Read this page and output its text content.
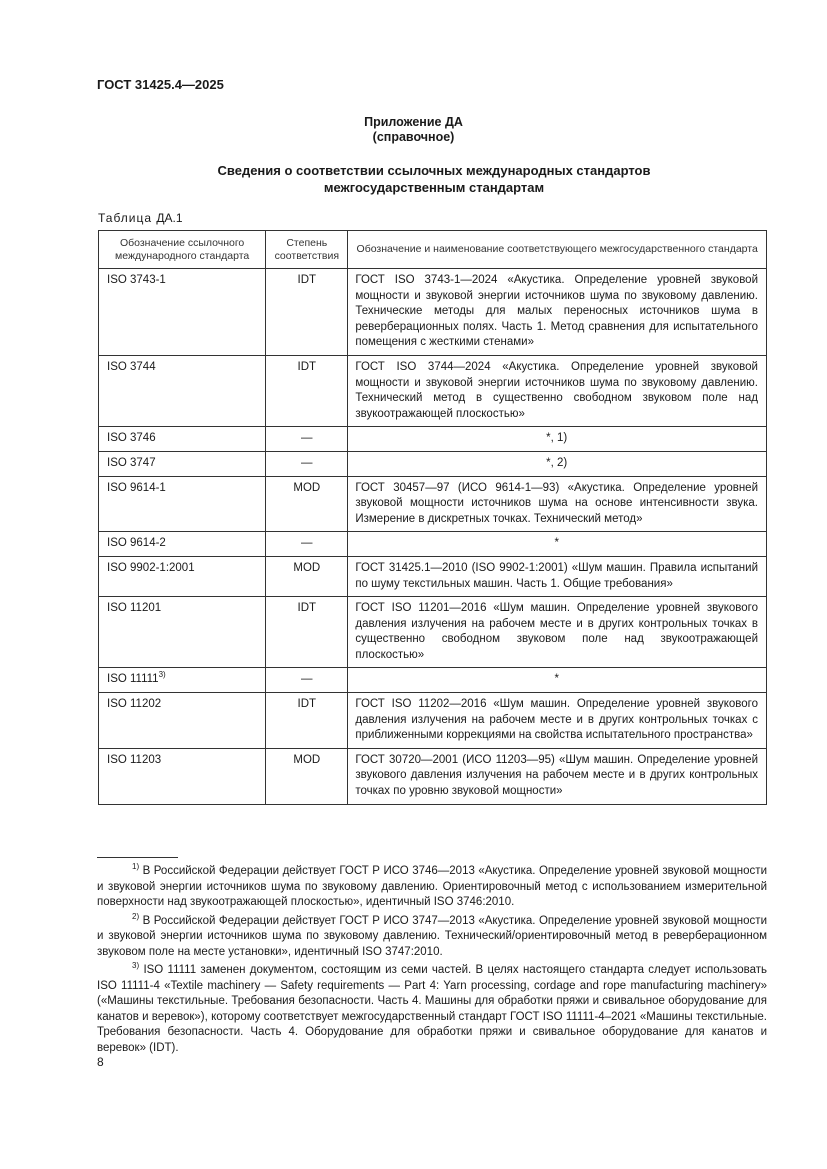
ГОСТ 31425.4—2025
Приложение ДА
(справочное)
Сведения о соответствии ссылочных международных стандартов
межгосударственным стандартам
Таблица ДА.1
Обозначение ссылочного международного стандарта	Степень соответствия	Обозначение и наименование соответствующего межгосударственного стандарта

ISO 3743-1	IDT	ГОСТ ISO 3743-1—2024 «Акустика. Определение уровней звуковой мощности и звуковой энергии источников шума по звуковому давлению. Технические методы для малых переносных источников шума в реверберационных полях. Часть 1. Метод сравнения для испытательного помещения с жесткими стенами»
ISO 3744	IDT	ГОСТ ISO 3744—2024 «Акустика. Определение уровней звуковой мощности и звуковой энергии источников шума по звуковому давлению. Технический метод в существенно свободном звуковом поле над звукоотражающей плоскостью»
ISO 3746	—	*, 1)
ISO 3747	—	*, 2)
ISO 9614-1	MOD	ГОСТ 30457—97 (ИСО 9614-1—93) «Акустика. Определение уровней звуковой мощности источников шума на основе интенсивности звука. Измерение в дискретных точках. Технический метод»
ISO 9614-2	—	*
ISO 9902-1:2001	MOD	ГОСТ 31425.1—2010 (ISO 9902-1:2001) «Шум машин. Правила испытаний по шуму текстильных машин. Часть 1. Общие требования»
ISO 11201	IDT	ГОСТ ISO 11201—2016 «Шум машин. Определение уровней звукового давления излучения на рабочем месте и в других контрольных точках в существенно свободном звуковом поле над звукоотражающей плоскостью»
ISO 11111$^{3)}$	—	*
ISO 11202	IDT	ГОСТ ISO 11202—2016 «Шум машин. Определение уровней звукового давления излучения на рабочем месте и в других контрольных точках с приближенными коррекциями на свойства испытательного пространства»
ISO 11203	MOD	ГОСТ 30720—2001 (ИСО 11203—95) «Шум машин. Определение уровней звукового давления излучения на рабочем месте и в других контрольных точках по уровню звуковой мощности»
$^{1)}$ В Российской Федерации действует ГОСТ Р ИСО 3746—2013 «Акустика. Определение уровней звуковой мощности и звуковой энергии источников шума по звуковому давлению. Ориентировочный метод с использованием измерительной поверхности над звукоотражающей плоскостью», идентичный ISO 3746:2010.
$^{2)}$ В Российской Федерации действует ГОСТ Р ИСО 3747—2013 «Акустика. Определение уровней звуковой мощности и звуковой энергии источников шума по звуковому давлению. Технический/ориентировочный метод в реверберационном звуковом поле на месте установки», идентичный ISO 3747:2010.
$^{3)}$ ISO 11111 заменен документом, состоящим из семи частей. В целях настоящего стандарта следует использовать ISO 11111-4 «Textile machinery — Safety requirements — Part 4: Yarn processing, cordage and rope manufacturing machinery» («Машины текстильные. Требования безопасности. Часть 4. Машины для обработки пряжи и свивальное оборудование для канатов и веревок»), которому соответствует межгосударственный стандарт ГОСТ ISO 11111-4–2021 «Машины текстильные. Требования безопасности. Часть 4. Оборудование для обработки пряжи и свивальное оборудование для канатов и веревок» (IDT).
8
